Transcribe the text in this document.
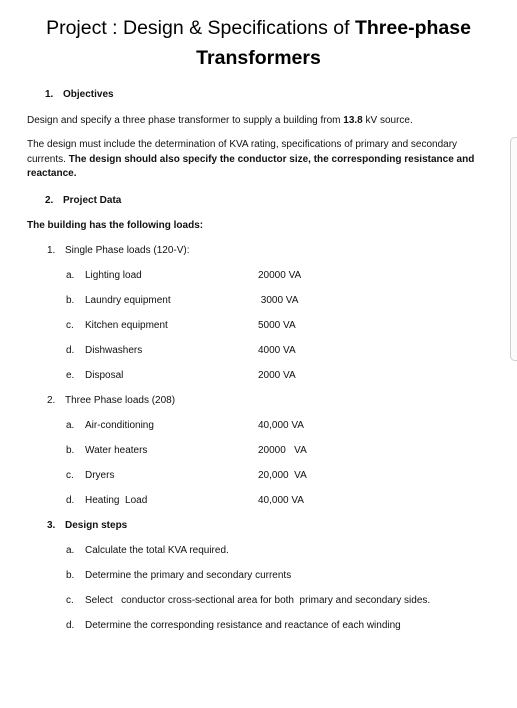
Project : Design & Specifications of Three-phase
Transformers
1. Objectives
Design and specify a three phase transformer to supply a building from 13.8 kV source.
The design must include the determination of KVA rating, specifications of primary and secondary currents. The design should also specify the conductor size, the corresponding resistance and reactance.
2. Project Data
The building has the following loads:
1. Single Phase loads (120-V):
a. Lighting load	20000 VA
b. Laundry equipment	3000 VA
c. Kitchen equipment	5000 VA
d. Dishwashers	4000 VA
e. Disposal	2000 VA
2. Three Phase loads (208)
a. Air-conditioning	40,000 VA
b. Water heaters	20000   VA
c. Dryers	20,000  VA
d. Heating  Load	40,000 VA
3. Design steps
a. Calculate the total KVA required.
b. Determine the primary and secondary currents
c. Select   conductor cross-sectional area for both  primary and secondary sides.
d. Determine the corresponding resistance and reactance of each winding
